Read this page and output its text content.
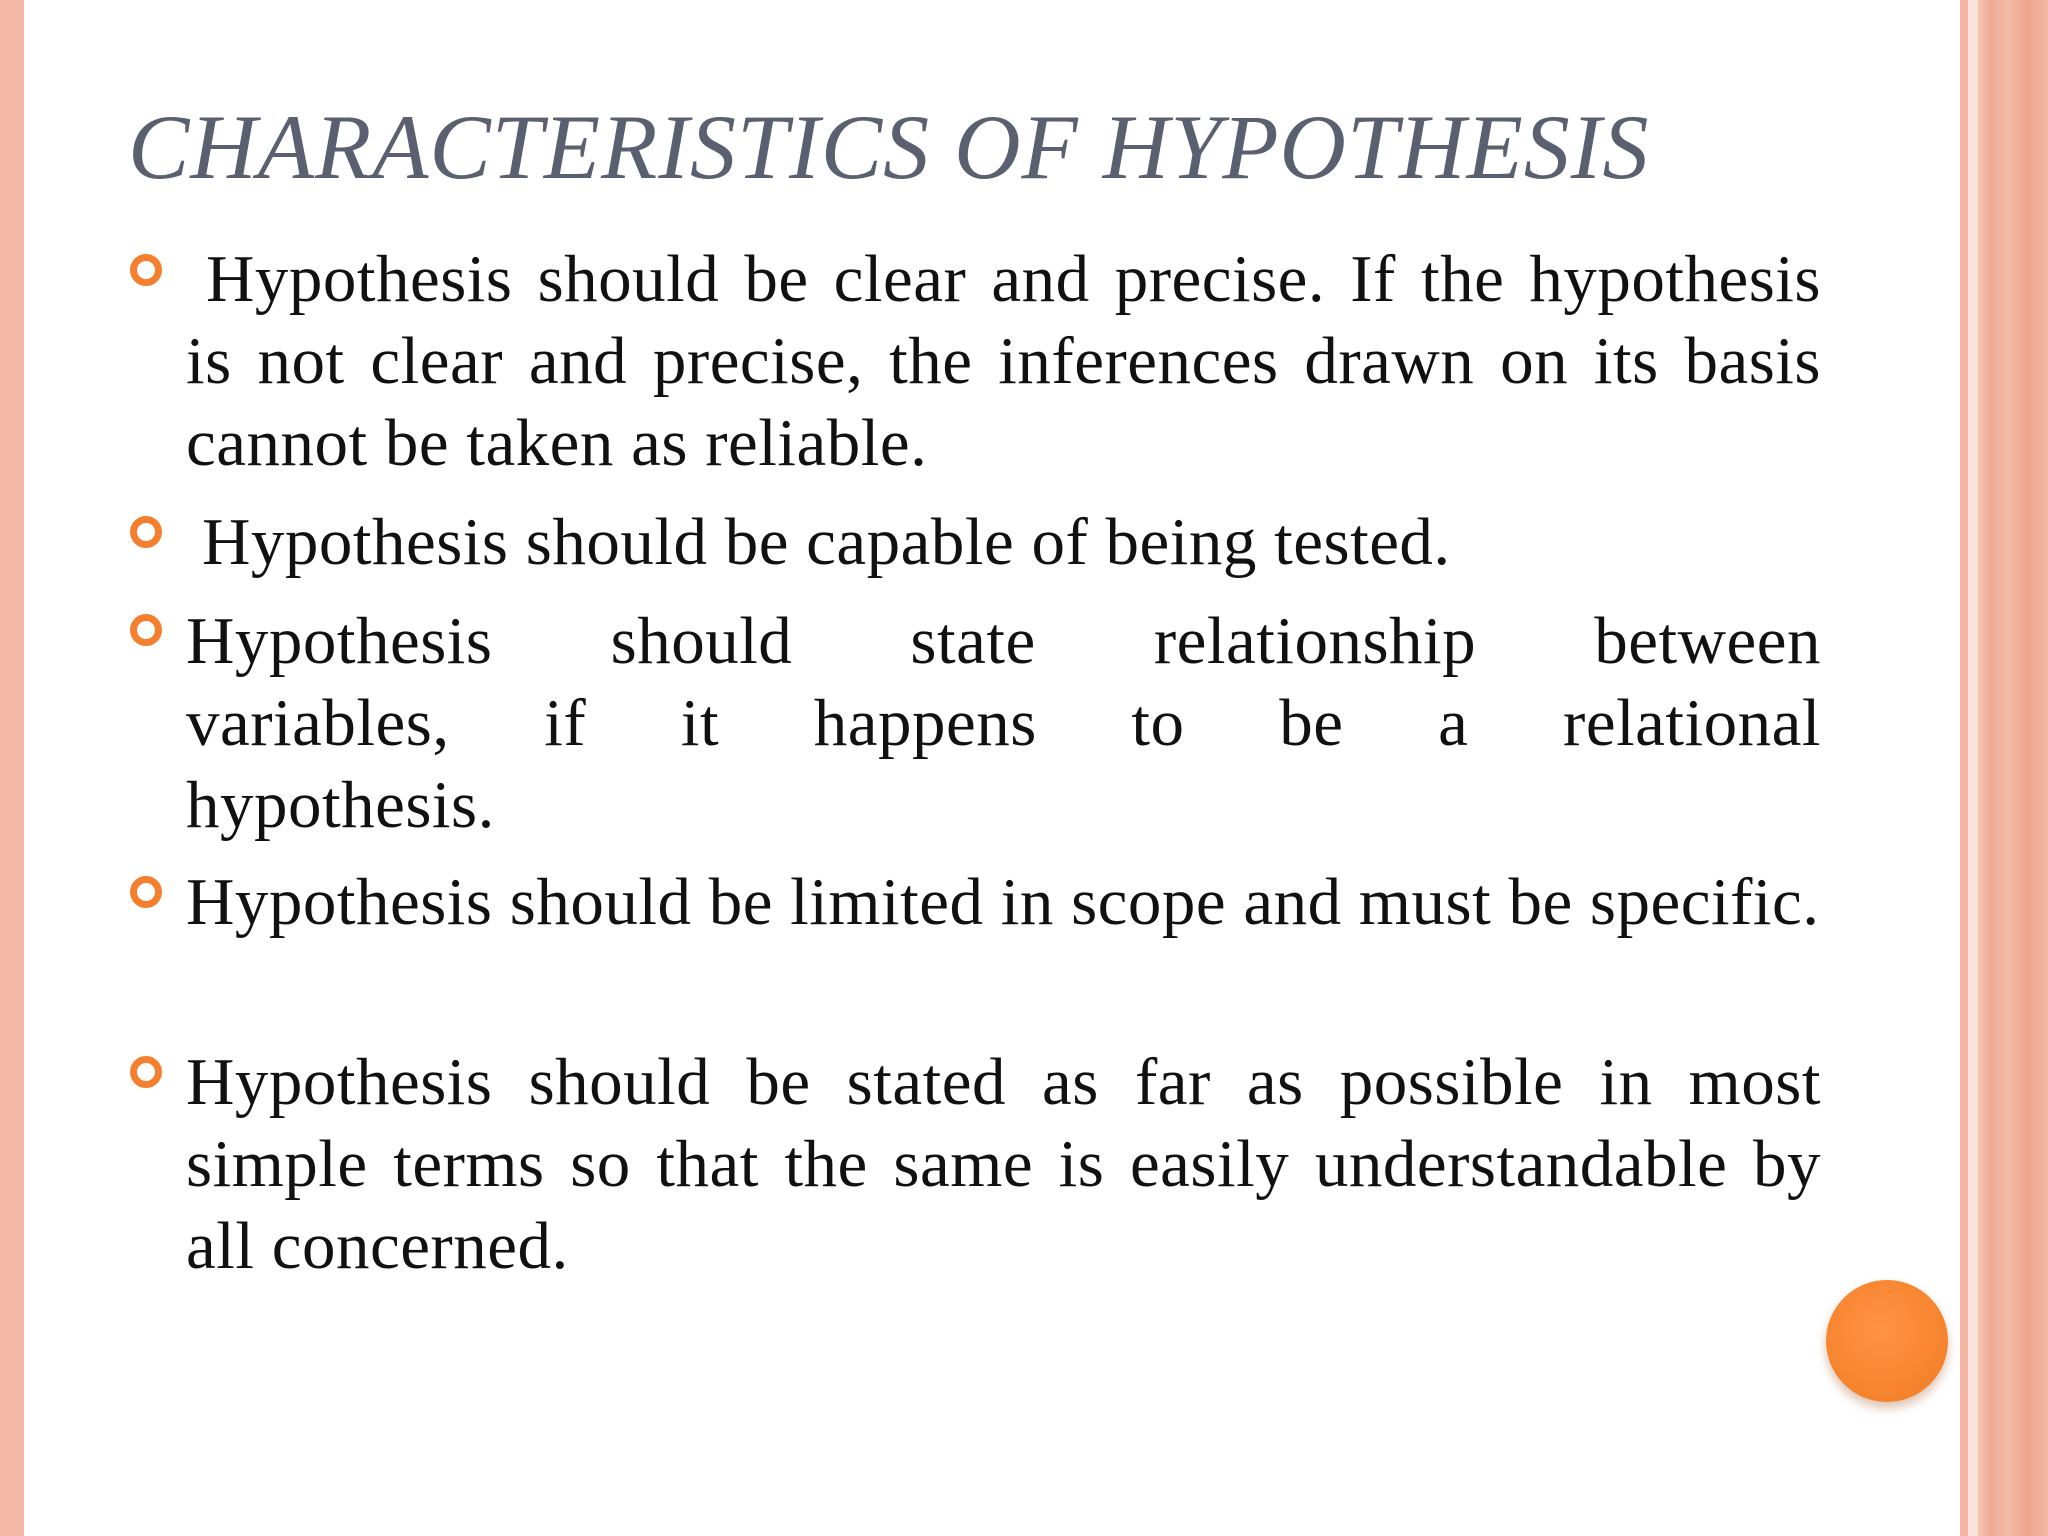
CHARACTERISTICS OF HYPOTHESIS
Hypothesis should be clear and precise. If the hypothesis is not clear and precise, the inferences drawn on its basis cannot be taken as reliable.
Hypothesis should be capable of being tested.
Hypothesis should state relationship between variables, if it happens to be a relational hypothesis.
Hypothesis should be limited in scope and must be specific.
Hypothesis should be stated as far as possible in most simple terms so that the same is easily understandable by all concerned.
